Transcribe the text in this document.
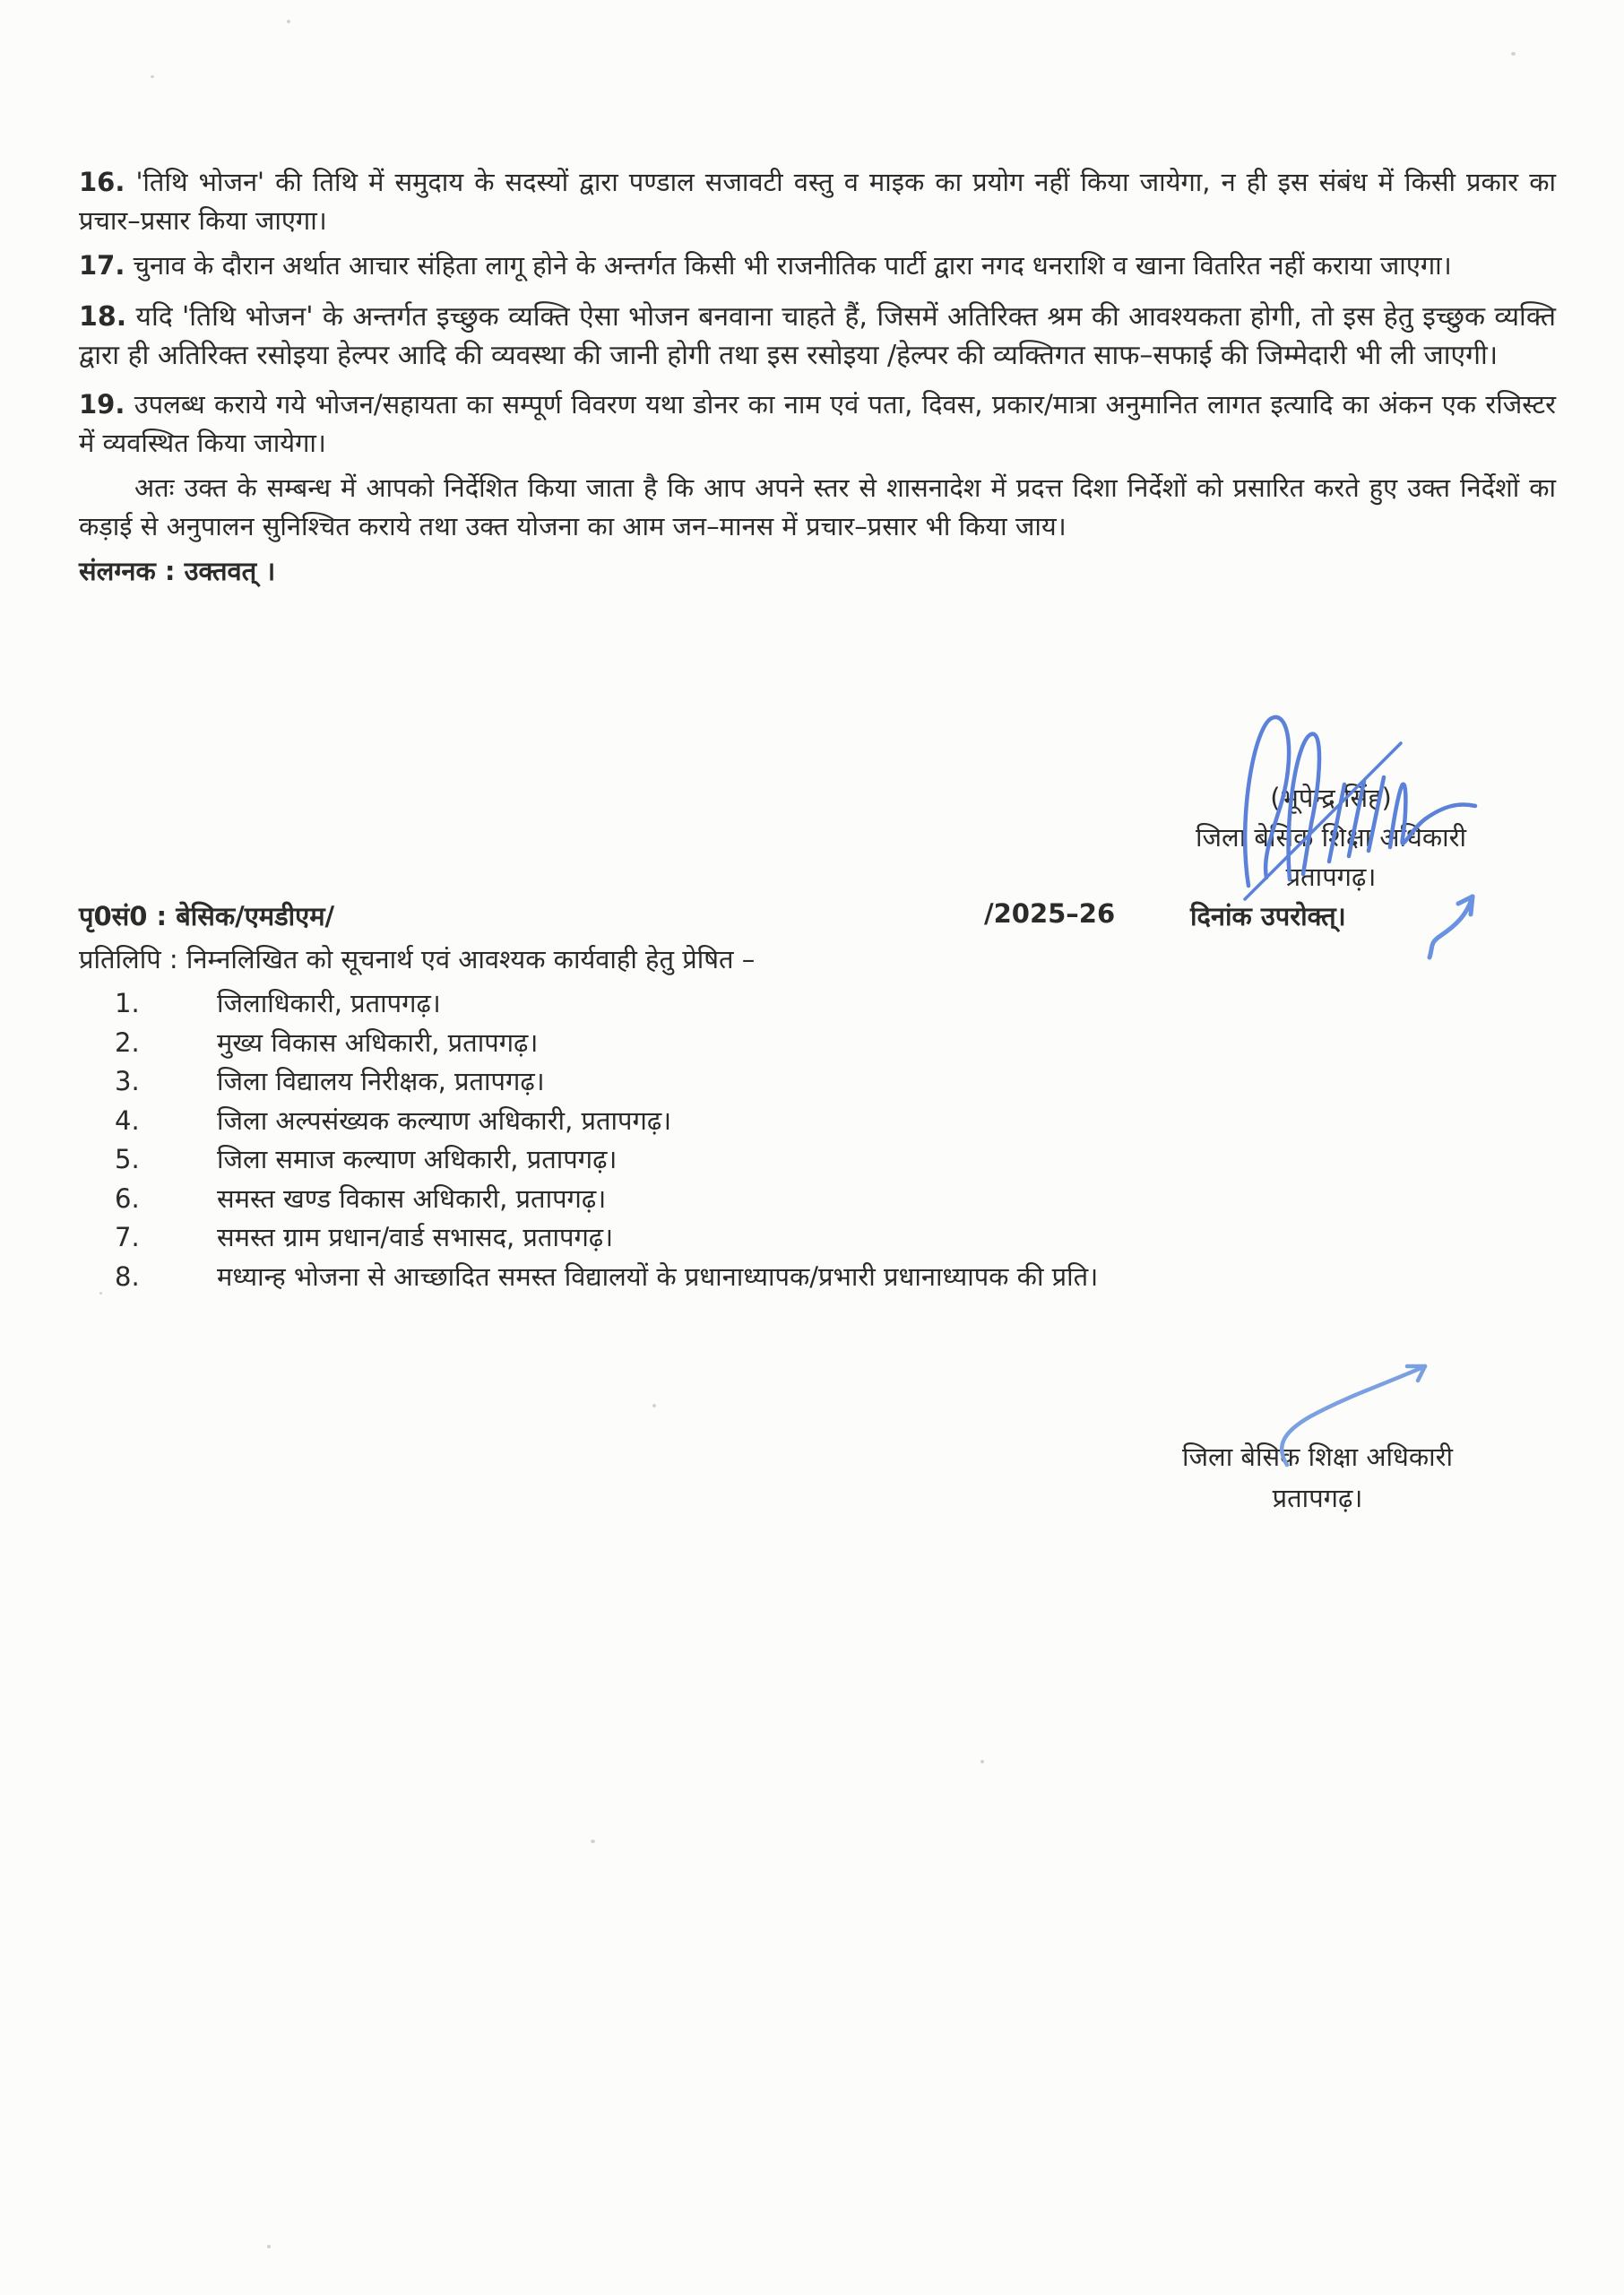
16. 'तिथि भोजन' की तिथि में समुदाय के सदस्यों द्वारा पण्डाल सजावटी वस्तु व माइक का प्रयोग नहीं किया जायेगा, न ही इस संबंध में किसी प्रकार का प्रचार–प्रसार किया जाएगा।

17. चुनाव के दौरान अर्थात आचार संहिता लागू होने के अन्तर्गत किसी भी राजनीतिक पार्टी द्वारा नगद धनराशि व खाना वितरित नहीं कराया जाएगा।

18. यदि 'तिथि भोजन' के अन्तर्गत इच्छुक व्यक्ति ऐसा भोजन बनवाना चाहते हैं, जिसमें अतिरिक्त श्रम की आवश्यकता होगी, तो इस हेतु इच्छुक व्यक्ति द्वारा ही अतिरिक्त रसोइया हेल्पर आदि की व्यवस्था की जानी होगी तथा इस रसोइया /हेल्पर की व्यक्तिगत साफ–सफाई की जिम्मेदारी भी ली जाएगी।

19. उपलब्ध कराये गये भोजन/सहायता का सम्पूर्ण विवरण यथा डोनर का नाम एवं पता, दिवस, प्रकार/मात्रा अनुमानित लागत इत्यादि का अंकन एक रजिस्टर में व्यवस्थित किया जायेगा।

अतः उक्त के सम्बन्ध में आपको निर्देशित किया जाता है कि आप अपने स्तर से शासनादेश में प्रदत्त दिशा निर्देशों को प्रसारित करते हुए उक्त निर्देशों का कड़ाई से अनुपालन सुनिश्चित कराये तथा उक्त योजना का आम जन–मानस में प्रचार–प्रसार भी किया जाय।

संलग्नक : उक्तवत् ।

(भूपेन्द्र सिंह)
जिला बेसिक शिक्षा अधिकारी
प्रतापगढ़।
पृ0सं0 : बेसिक/एमडीएम/	/2025–26	दिनांक उपरोक्त्।
प्रतिलिपि : निम्नलिखित को सूचनार्थ एवं आवश्यक कार्यवाही हेतु प्रेषित –
1.	जिलाधिकारी, प्रतापगढ़।
2.	मुख्य विकास अधिकारी, प्रतापगढ़।
3.	जिला विद्यालय निरीक्षक, प्रतापगढ़।
4.	जिला अल्पसंख्यक कल्याण अधिकारी, प्रतापगढ़।
5.	जिला समाज कल्याण अधिकारी, प्रतापगढ़।
6.	समस्त खण्ड विकास अधिकारी, प्रतापगढ़।
7.	समस्त ग्राम प्रधान/वार्ड सभासद, प्रतापगढ़।
8.	मध्यान्ह भोजना से आच्छादित समस्त विद्यालयों के प्रधानाध्यापक/प्रभारी प्रधानाध्यापक की प्रति।
जिला बेसिक शिक्षा अधिकारी
प्रतापगढ़।
